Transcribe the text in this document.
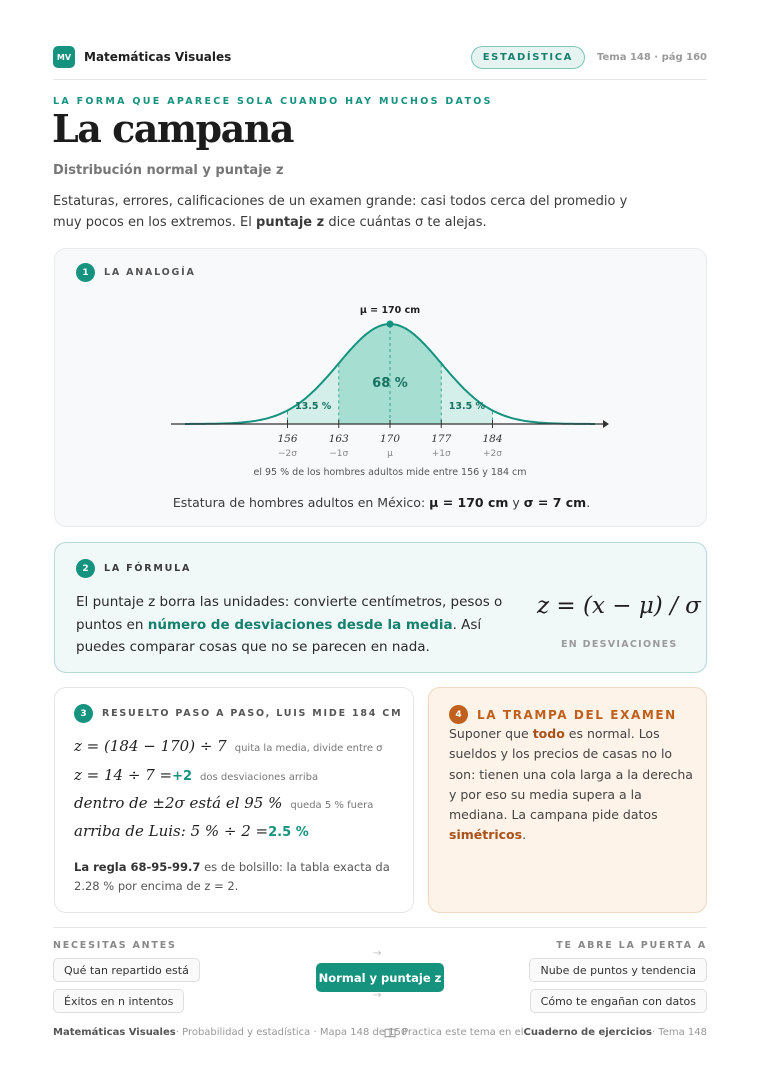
MV	Matemáticas Visuales	ESTADÍSTICA	Tema 148 · pág 160
LA FORMA QUE APARECE SOLA CUANDO HAY MUCHOS DATOS
La campana
Distribución normal y puntaje z
Estaturas, errores, calificaciones de un examen grande: casi todos cerca del promedio y muy pocos en los extremos. El puntaje z dice cuántas σ te alejas.
1	LA ANALOGÍA
156
−2σ
163
−1σ
170
μ
177
+1σ
184
+2σ
μ = 170 cm
68 %
13.5 %	13.5 %
el 95 % de los hombres adultos mide entre 156 y 184 cm
Estatura de hombres adultos en México: μ = 170 cm y σ = 7 cm.
2	LA FÓRMULA
El puntaje z borra las unidades: convierte centímetros, pesos o puntos en número de desviaciones desde la media. Así puedes comparar cosas que no se parecen en nada.
z = (x − μ) / σ
EN DESVIACIONES
3	RESUELTO PASO A PASO, LUIS MIDE 184 CM
z = (184 − 170) ÷ 7 quita la media, divide entre σ
z = 14 ÷ 7 = +2 dos desviaciones arriba
dentro de ±2σ está el 95 % queda 5 % fuera
arriba de Luis: 5 % ÷ 2 = 2.5 %
La regla 68-95-99.7 es de bolsillo: la tabla exacta da 2.28 % por encima de z = 2.
4	LA TRAMPA DEL EXAMEN
Suponer que todo es normal. Los sueldos y los precios de casas no lo son: tienen una cola larga a la derecha y por eso su media supera a la mediana. La campana pide datos simétricos.
NECESITAS ANTES	TE ABRE LA PUERTA A
Qué tan repartido está
Éxitos en n intentos
→
Normal y puntaje z
→
Nube de puntos y tendencia
Cómo te engañan con datos
Matemáticas Visuales · Probabilidad y estadística · Mapa 148 de 150
Practica este tema en el Cuaderno de ejercicios · Tema 148
